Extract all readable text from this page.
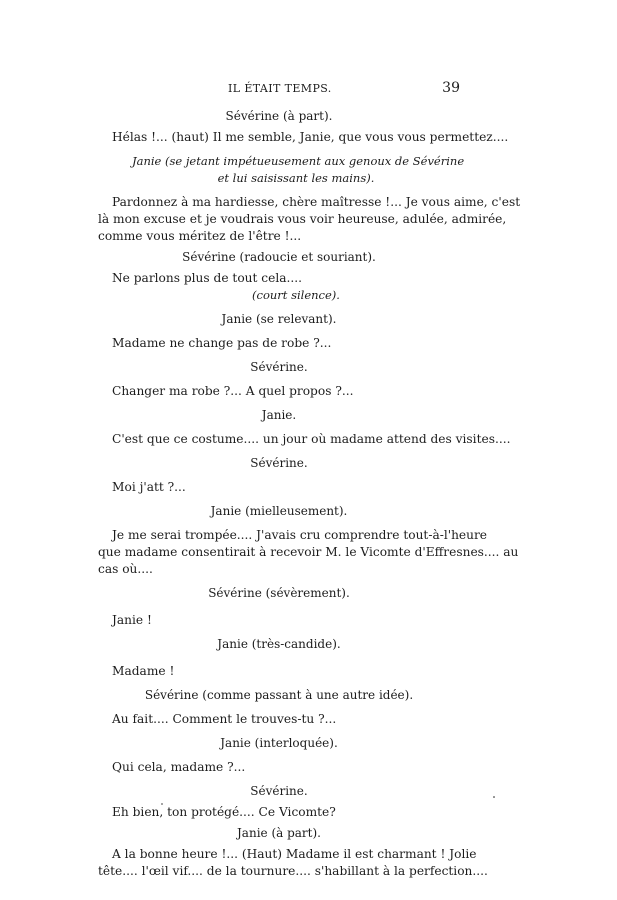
IL ÉTAIT TEMPS.	39
Sévérine (à part).
Hélas !... (haut) Il me semble, Janie, que vous vous permettez....
Janie (se jetant impétueusement aux genoux de Sévérine
et lui saisissant les mains).
Pardonnez à ma hardiesse, chère maîtresse !... Je vous aime, c'est
là mon excuse et je voudrais vous voir heureuse, adulée, admirée,
comme vous méritez de l'être !...
Sévérine (radoucie et souriant).
Ne parlons plus de tout cela....
(court silence).
Janie (se relevant).
Madame ne change pas de robe ?...
Sévérine.
Changer ma robe ?... A quel propos ?...
Janie.
C'est que ce costume.... un jour où madame attend des visites....
Sévérine.
Moi j'att ?...
Janie (mielleusement).
Je me serai trompée.... J'avais cru comprendre tout-à-l'heure
que madame consentirait à recevoir M. le Vicomte d'Effresnes.... au
cas où....
Sévérine (sévèrement).
Janie !
Janie (très-candide).
Madame !
Sévérine (comme passant à une autre idée).
Au fait.... Comment le trouves-tu ?...
Janie (interloquée).
Qui cela, madame ?...
Sévérine.
Eh bien, ton protégé.... Ce Vicomte?
Janie (à part).
A la bonne heure !... (Haut) Madame il est charmant ! Jolie
tête.... l'œil vif.... de la tournure.... s'habillant à la perfection....
